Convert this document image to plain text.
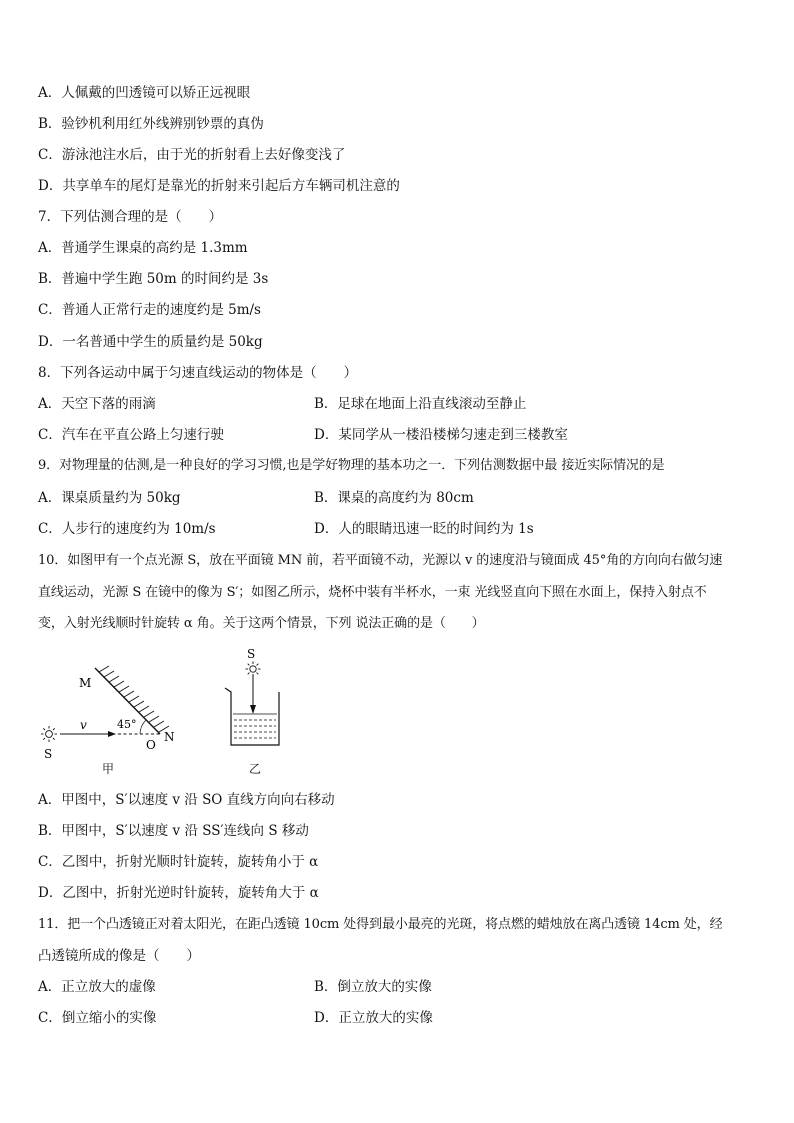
A．人佩戴的凹透镜可以矫正远视眼
B．验钞机利用红外线辨别钞票的真伪
C．游泳池注水后，由于光的折射看上去好像变浅了
D．共享单车的尾灯是靠光的折射来引起后方车辆司机注意的
7．下列估测合理的是（　　）
A．普通学生课桌的高约是 1.3mm
B．普遍中学生跑 50m 的时间约是 3s
C．普通人正常行走的速度约是 5m/s
D．一名普通中学生的质量约是 50kg
8．下列各运动中属于匀速直线运动的物体是（　　）
A．天空下落的雨滴	B．足球在地面上沿直线滚动至静止
C．汽车在平直公路上匀速行驶	D．某同学从一楼沿楼梯匀速走到三楼教室
9．对物理量的估测,是一种良好的学习习惯,也是学好物理的基本功之一．下列估测数据中最 接近实际情况的是
A．课桌质量约为 50kg	B．课桌的高度约为 80cm
C．人步行的速度约为 10m/s	D．人的眼睛迅速一眨的时间约为 1s
10．如图甲有一个点光源 S，放在平面镜 MN 前，若平面镜不动，光源以 v 的速度沿与镜面成 45°角的方向向右做匀速
直线运动，光源 S 在镜中的像为 S′；如图乙所示，烧杯中装有半杯水，一束 光线竖直向下照在水面上，保持入射点不
变，入射光线顺时针旋转 α 角。关于这两个情景，下列 说法正确的是（　　）
M
N
O
S
v	45°
甲
S
乙
A．甲图中，S′以速度 v 沿 SO 直线方向向右移动
B．甲图中，S′以速度 v 沿 SS′连线向 S 移动
C．乙图中，折射光顺时针旋转，旋转角小于 α
D．乙图中，折射光逆时针旋转，旋转角大于 α
11．把一个凸透镜正对着太阳光，在距凸透镜 10cm 处得到最小最亮的光斑，将点燃的蜡烛放在离凸透镜 14cm 处，经
凸透镜所成的像是（　　）
A．正立放大的虚像	B．倒立放大的实像
C．倒立缩小的实像	D．正立放大的实像
